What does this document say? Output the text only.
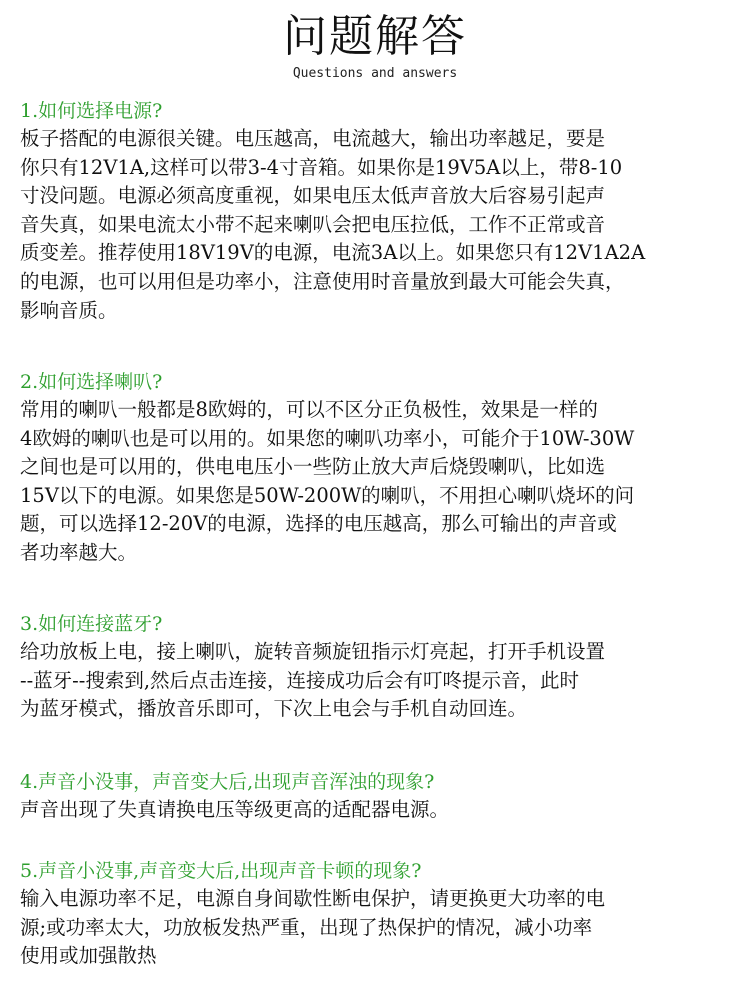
问题解答
Questions and answers

1.如何选择电源?

板子搭配的电源很关键。电压越高，电流越大，输出功率越足，要是
你只有12V1A,这样可以带3-4寸音箱。如果你是19V5A以上，带8-10
寸没问题。电源必须高度重视，如果电压太低声音放大后容易引起声
音失真，如果电流太小带不起来喇叭会把电压拉低，工作不正常或音
质变差。推荐使用18V19V的电源，电流3A以上。如果您只有12V1A2A
的电源，也可以用但是功率小，注意使用时音量放到最大可能会失真，
影响音质。

2.如何选择喇叭?

常用的喇叭一般都是8欧姆的，可以不区分正负极性，效果是一样的
4欧姆的喇叭也是可以用的。如果您的喇叭功率小，可能介于10W-30W
之间也是可以用的，供电电压小一些防止放大声后烧毁喇叭，比如选
15V以下的电源。如果您是50W-200W的喇叭，不用担心喇叭烧坏的问
题，可以选择12-20V的电源，选择的电压越高，那么可输出的声音或
者功率越大。

3.如何连接蓝牙?

给功放板上电，接上喇叭，旋转音频旋钮指示灯亮起，打开手机设置
--蓝牙--搜索到,然后点击连接，连接成功后会有叮咚提示音，此时
为蓝牙模式，播放音乐即可，下次上电会与手机自动回连。

4.声音小没事，声音变大后,出现声音浑浊的现象?

声音出现了失真请换电压等级更高的适配器电源。

5.声音小没事,声音变大后,出现声音卡顿的现象?

输入电源功率不足，电源自身间歇性断电保护，请更换更大功率的电
源;或功率太大，功放板发热严重，出现了热保护的情况，减小功率
使用或加强散热
